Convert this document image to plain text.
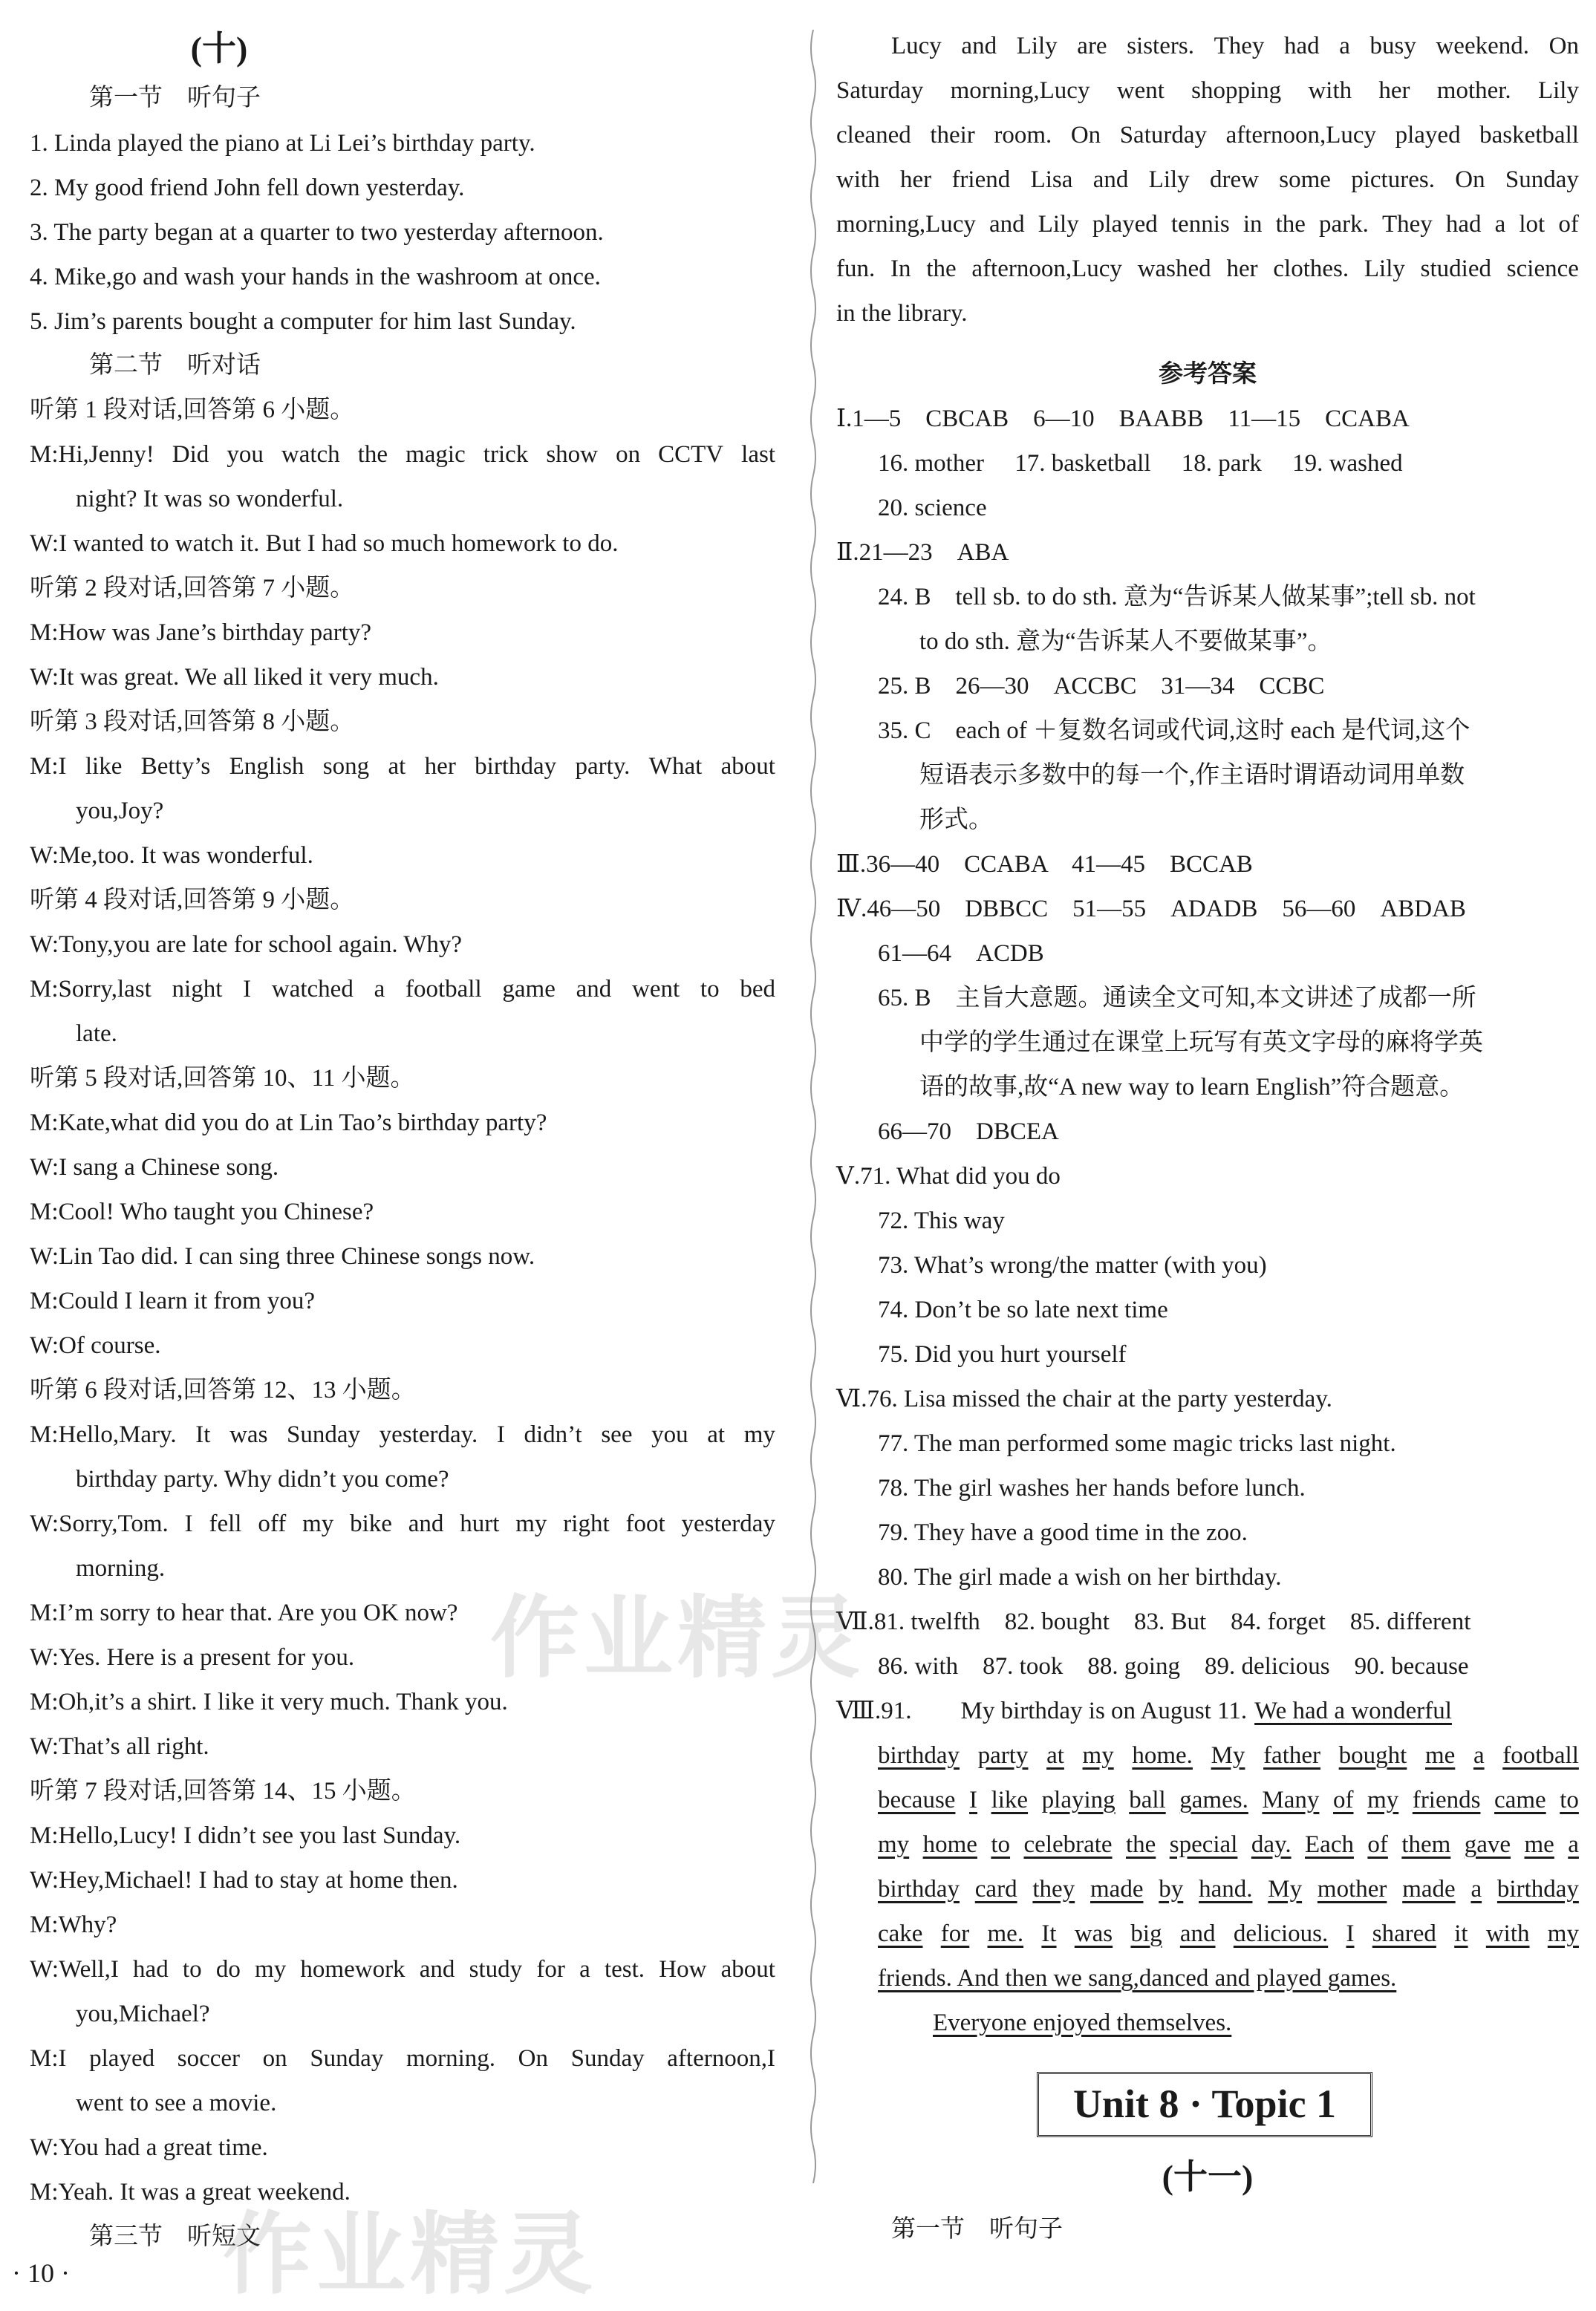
(十)
第一节　听句子
1. Linda played the piano at Li Lei’s birthday party.
2. My good friend John fell down yesterday.
3. The party began at a quarter to two yesterday afternoon.
4. Mike,go and wash your hands in the washroom at once.
5. Jim’s parents bought a computer for him last Sunday.
第二节　听对话
听第 1 段对话,回答第 6 小题。
M:Hi,Jenny! Did you watch the magic trick show on CCTV last
night? It was so wonderful.
W:I wanted to watch it. But I had so much homework to do.
听第 2 段对话,回答第 7 小题。
M:How was Jane’s birthday party?
W:It was great. We all liked it very much.
听第 3 段对话,回答第 8 小题。
M:I like Betty’s English song at her birthday party. What about
you,Joy?
W:Me,too. It was wonderful.
听第 4 段对话,回答第 9 小题。
W:Tony,you are late for school again. Why?
M:Sorry,last night I watched a football game and went to bed
late.
听第 5 段对话,回答第 10、11 小题。
M:Kate,what did you do at Lin Tao’s birthday party?
W:I sang a Chinese song.
M:Cool! Who taught you Chinese?
W:Lin Tao did. I can sing three Chinese songs now.
M:Could I learn it from you?
W:Of course.
听第 6 段对话,回答第 12、13 小题。
M:Hello,Mary. It was Sunday yesterday. I didn’t see you at my
birthday party. Why didn’t you come?
W:Sorry,Tom. I fell off my bike and hurt my right foot yesterday
morning.
M:I’m sorry to hear that. Are you OK now?
W:Yes. Here is a present for you.
M:Oh,it’s a shirt. I like it very much. Thank you.
W:That’s all right.
听第 7 段对话,回答第 14、15 小题。
M:Hello,Lucy! I didn’t see you last Sunday.
W:Hey,Michael! I had to stay at home then.
M:Why?
W:Well,I had to do my homework and study for a test. How about
you,Michael?
M:I played soccer on Sunday morning. On Sunday afternoon,I
went to see a movie.
W:You had a great time.
M:Yeah. It was a great weekend.
第三节　听短文
· 10 ·
Lucy and Lily are sisters. They had a busy weekend. On
Saturday morning,Lucy went shopping with her mother. Lily
cleaned their room. On Saturday afternoon,Lucy played basketball
with her friend Lisa and Lily drew some pictures. On Sunday
morning,Lucy and Lily played tennis in the park. They had a lot of
fun. In the afternoon,Lucy washed her clothes. Lily studied science
in the library.
参考答案
Ⅰ.1—5　CBCAB　6—10　BAABB　11—15　CCABA
16. mother　 17. basketball　 18. park　 19. washed
20. science
Ⅱ.21—23　ABA
24. B　tell sb. to do sth. 意为“告诉某人做某事”;tell sb. not
to do sth. 意为“告诉某人不要做某事”。
25. B　26—30　ACCBC　31—34　CCBC
35. C　each of ＋复数名词或代词,这时 each 是代词,这个
短语表示多数中的每一个,作主语时谓语动词用单数
形式。
Ⅲ.36—40　CCABA　41—45　BCCAB
Ⅳ.46—50　DBBCC　51—55　ADADB　56—60　ABDAB
61—64　ACDB
65. B　主旨大意题。通读全文可知,本文讲述了成都一所
中学的学生通过在课堂上玩写有英文字母的麻将学英
语的故事,故“A new way to learn English”符合题意。
66—70　DBCEA
Ⅴ.71. What did you do
72. This way
73. What’s wrong/the matter (with you)
74. Don’t be so late next time
75. Did you hurt yourself
Ⅵ.76. Lisa missed the chair at the party yesterday.
77. The man performed some magic tricks last night.
78. The girl washes her hands before lunch.
79. They have a good time in the zoo.
80. The girl made a wish on her birthday.
Ⅶ.81. twelfth　82. bought　83. But　84. forget　85. different
86. with　87. took　88. going　89. delicious　90. because
Ⅷ.91.　　My birthday is on August 11. We had a wonderful
birthday party at my home. My father bought me a football
because I like playing ball games. Many of my friends came to
my home to celebrate the special day. Each of them gave me a
birthday card they made by hand. My mother made a birthday
cake for me. It was big and delicious. I shared it with my
friends. And then we sang,danced and played games.
Everyone enjoyed themselves.
(十一)
第一节　听句子
Unit 8 · Topic 1
作业精灵
作业精灵
